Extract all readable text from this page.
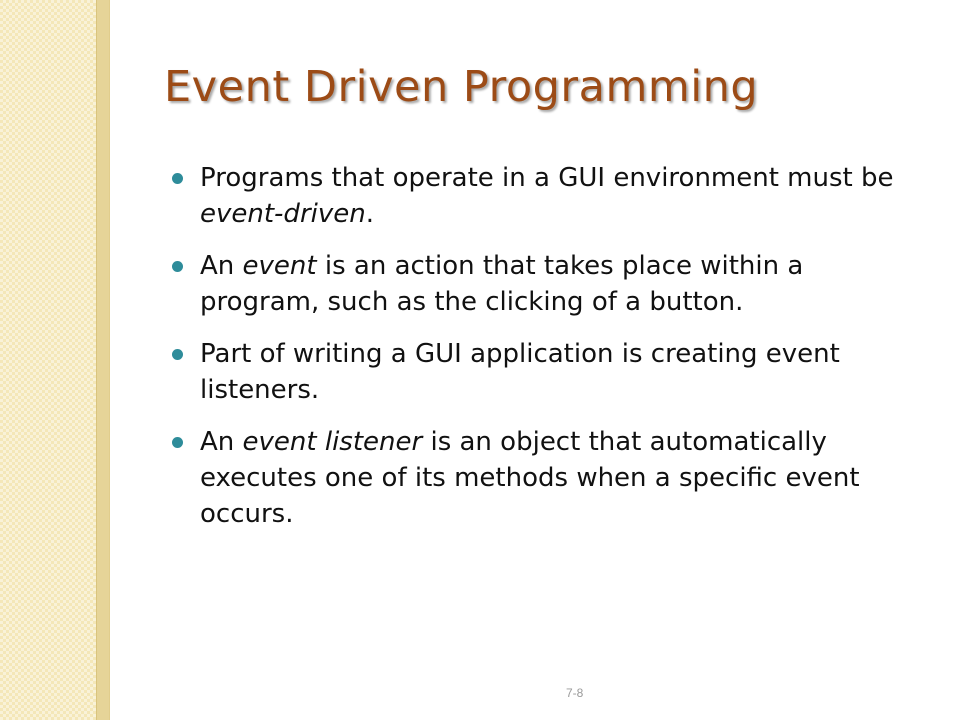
Event Driven Programming
Programs that operate in a GUI environment must be event-driven.
An event is an action that takes place within a program, such as the clicking of a button.
Part of writing a GUI application is creating event listeners.
An event listener is an object that automatically executes one of its methods when a specific event occurs.
7-8
